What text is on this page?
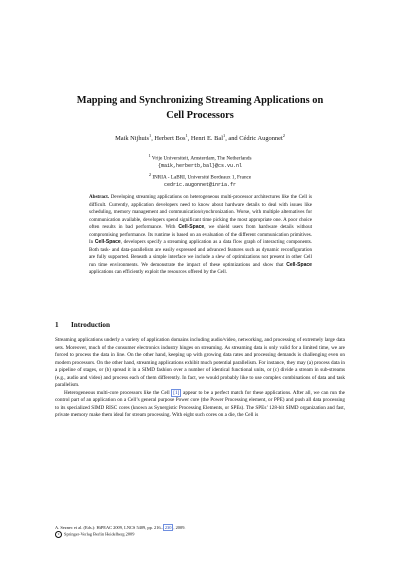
Mapping and Synchronizing Streaming Applications on
Cell Processors
Maik Nijhuis$^1$, Herbert Bos$^1$, Henri E. Bal$^1$, and Cédric Augonnet$^2$
$^1$ Vrije Universiteit, Amsterdam, The Netherlands
{maik,herbertb,bal}@cs.vu.nl
$^2$ INRIA - LaBRI, Université Bordeaux 1, France
cedric.augonnet@inria.fr

Abstract. Developing streaming applications on heterogeneous multi-processor architectures like the Cell is difficult. Currently, application developers need to know about hardware details to deal with issues like scheduling, memory management and communication/synchronization. Worse, with multiple alternatives for communication available, developers spend significant time picking the most appropriate one. A poor choice often results in bad performance. With Cell-Space, we shield users from hardware details without compromising performance. Its runtime is based on an evaluation of the different communication primitives. In Cell-Space, developers specify a streaming application as a data flow graph of interacting components. Both task- and data-parallelism are easily expressed and advanced features such as dynamic reconfiguration are fully supported. Beneath a simple interface we include a slew of optimizations not present in other Cell run time environments. We demonstrate the impact of these optimizations and show that Cell-Space applications can efficiently exploit the resources offered by the Cell.

1 Introduction

Streaming applications underly a variety of application domains including audio/video, networking, and processing of extremely large data sets. Moreover, much of the consumer electronics industry hinges on streaming. As streaming data is only valid for a limited time, we are forced to process the data in line. On the other hand, keeping up with growing data rates and processing demands is challenging even on modern processors. On the other hand, streaming applications exhibit much potential parallelism. For instance, they may (a) process data in a pipeline of stages, or (b) spread it in a SIMD fashion over a number of identical functional units, or (c) divide a stream in sub-streams (e.g., audio and video) and process each of them differently. In fact, we would probably like to use complex combinations of data and task parallelism.

Heterogeneous multi-core processors like the Cell [1] appear to be a perfect match for these applications. After all, we can run the control part of an application on a Cell’s general purpose Power core (the Power Processing element, or PPE) and push all data processing to its specialized SIMD RISC cores (known as Synergistic Processing Elements, or SPEs). The SPEs’ 128-bit SIMD organization and fast, private memory make them ideal for stream processing. With eight such cores on a die, the Cell is

A. Seznec et al. (Eds.): HiPEAC 2009, LNCS 5409, pp. 216– 230 , 2009.
c Springer-Verlag Berlin Heidelberg 2009
